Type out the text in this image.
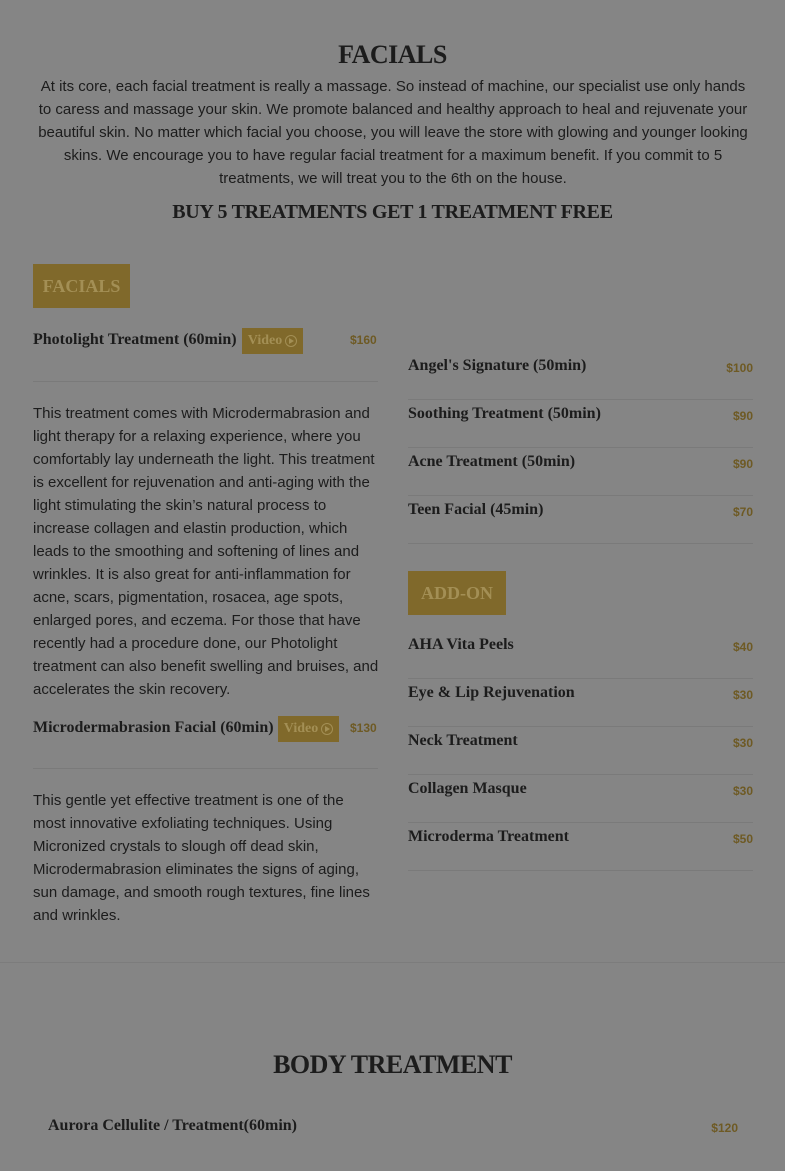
FACIALS
At its core, each facial treatment is really a massage. So instead of machine, our specialist use only hands to caress and massage your skin. We promote balanced and healthy approach to heal and rejuvenate your beautiful skin. No matter which facial you choose, you will leave the store with glowing and younger looking skins. We encourage you to have regular facial treatment for a maximum benefit. If you commit to 5 treatments, we will treat you to the 6th on the house.
BUY 5 TREATMENTS GET 1 TREATMENT FREE
FACIALS
Photolight Treatment (60min) Video	$160
This treatment comes with Microdermabrasion and light therapy for a relaxing experience, where you comfortably lay underneath the light. This treatment is excellent for rejuvenation and anti-aging with the light stimulating the skin’s natural process to increase collagen and elastin production, which leads to the smoothing and softening of lines and wrinkles. It is also great for anti-inflammation for acne, scars, pigmentation, rosacea, age spots, enlarged pores, and eczema. For those that have recently had a procedure done, our Photolight treatment can also benefit swelling and bruises, and accelerates the skin recovery.
Microdermabrasion Facial (60min) Video	$130
This gentle yet effective treatment is one of the most innovative exfoliating techniques. Using Micronized crystals to slough off dead skin, Microdermabrasion eliminates the signs of aging, sun damage, and smooth rough textures, fine lines and wrinkles.
Angel's Signature (50min)	$100
Soothing Treatment (50min)	$90
Acne Treatment (50min)	$90
Teen Facial (45min)	$70
ADD-ON
AHA Vita Peels	$40
Eye & Lip Rejuvenation	$30
Neck Treatment	$30
Collagen Masque	$30
Microderma Treatment	$50
BODY TREATMENT
Aurora Cellulite / Treatment(60min)	$120
